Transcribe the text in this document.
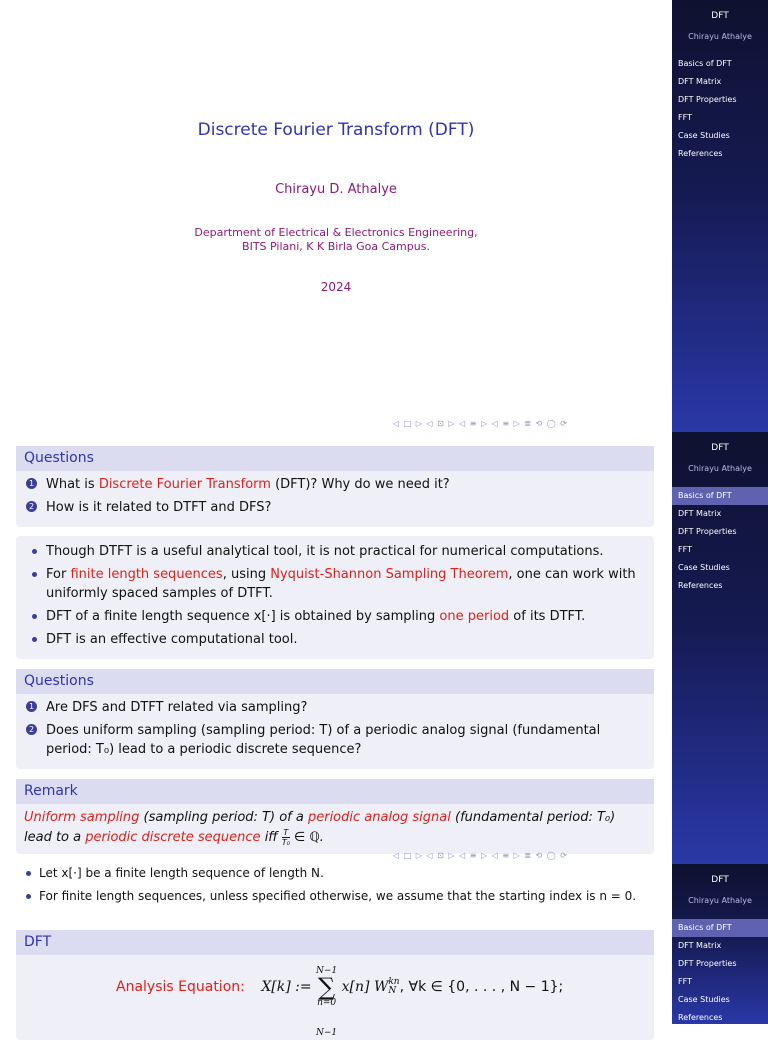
Discrete Fourier Transform (DFT)
Chirayu D. Athalye
Department of Electrical & Electronics Engineering,
BITS Pilani, K K Birla Goa Campus.
2024
◁ □ ▷ ◁ ⊡ ▷ ◁ ≡ ▷ ◁ ≡ ▷ ≣ ⟲ ◯ ⟳
DFT
Chirayu Athalye
Basics of DFT
DFT Matrix
DFT Properties
FFT
Case Studies
References
Questions
1 What is Discrete Fourier Transform (DFT)? Why do we need it?
2 How is it related to DTFT and DFS?
Though DTFT is a useful analytical tool, it is not practical for numerical computations.
For finite length sequences, using Nyquist-Shannon Sampling Theorem, one can work with uniformly spaced samples of DTFT.
DFT of a finite length sequence x[·] is obtained by sampling one period of its DTFT.
DFT is an effective computational tool.
Questions
1 Are DFS and DTFT related via sampling?
2 Does uniform sampling (sampling period: T) of a periodic analog signal (fundamental period: T₀) lead to a periodic discrete sequence?
Remark
Uniform sampling (sampling period: T) of a periodic analog signal (fundamental period: T₀)
lead to a periodic discrete sequence iff $\frac{T}{\text{T₀}}$ ∈ ℚ.
◁ □ ▷ ◁ ⊡ ▷ ◁ ≡ ▷ ◁ ≡ ▷ ≣ ⟲ ◯ ⟳
DFT
Chirayu Athalye
Basics of DFT
DFT Matrix
DFT Properties
FFT
Case Studies
References
Let x[·] be a finite length sequence of length N.
For finite length sequences, unless specified otherwise, we assume that the starting index is n = 0.
DFT
Analysis Equation: X[k] :=
N−1
∑
n=0
x[n] W kn
N , ∀k ∈ {0, . . . , N − 1};
N−1
DFT
Chirayu Athalye
Basics of DFT
DFT Matrix
DFT Properties
FFT
Case Studies
References
